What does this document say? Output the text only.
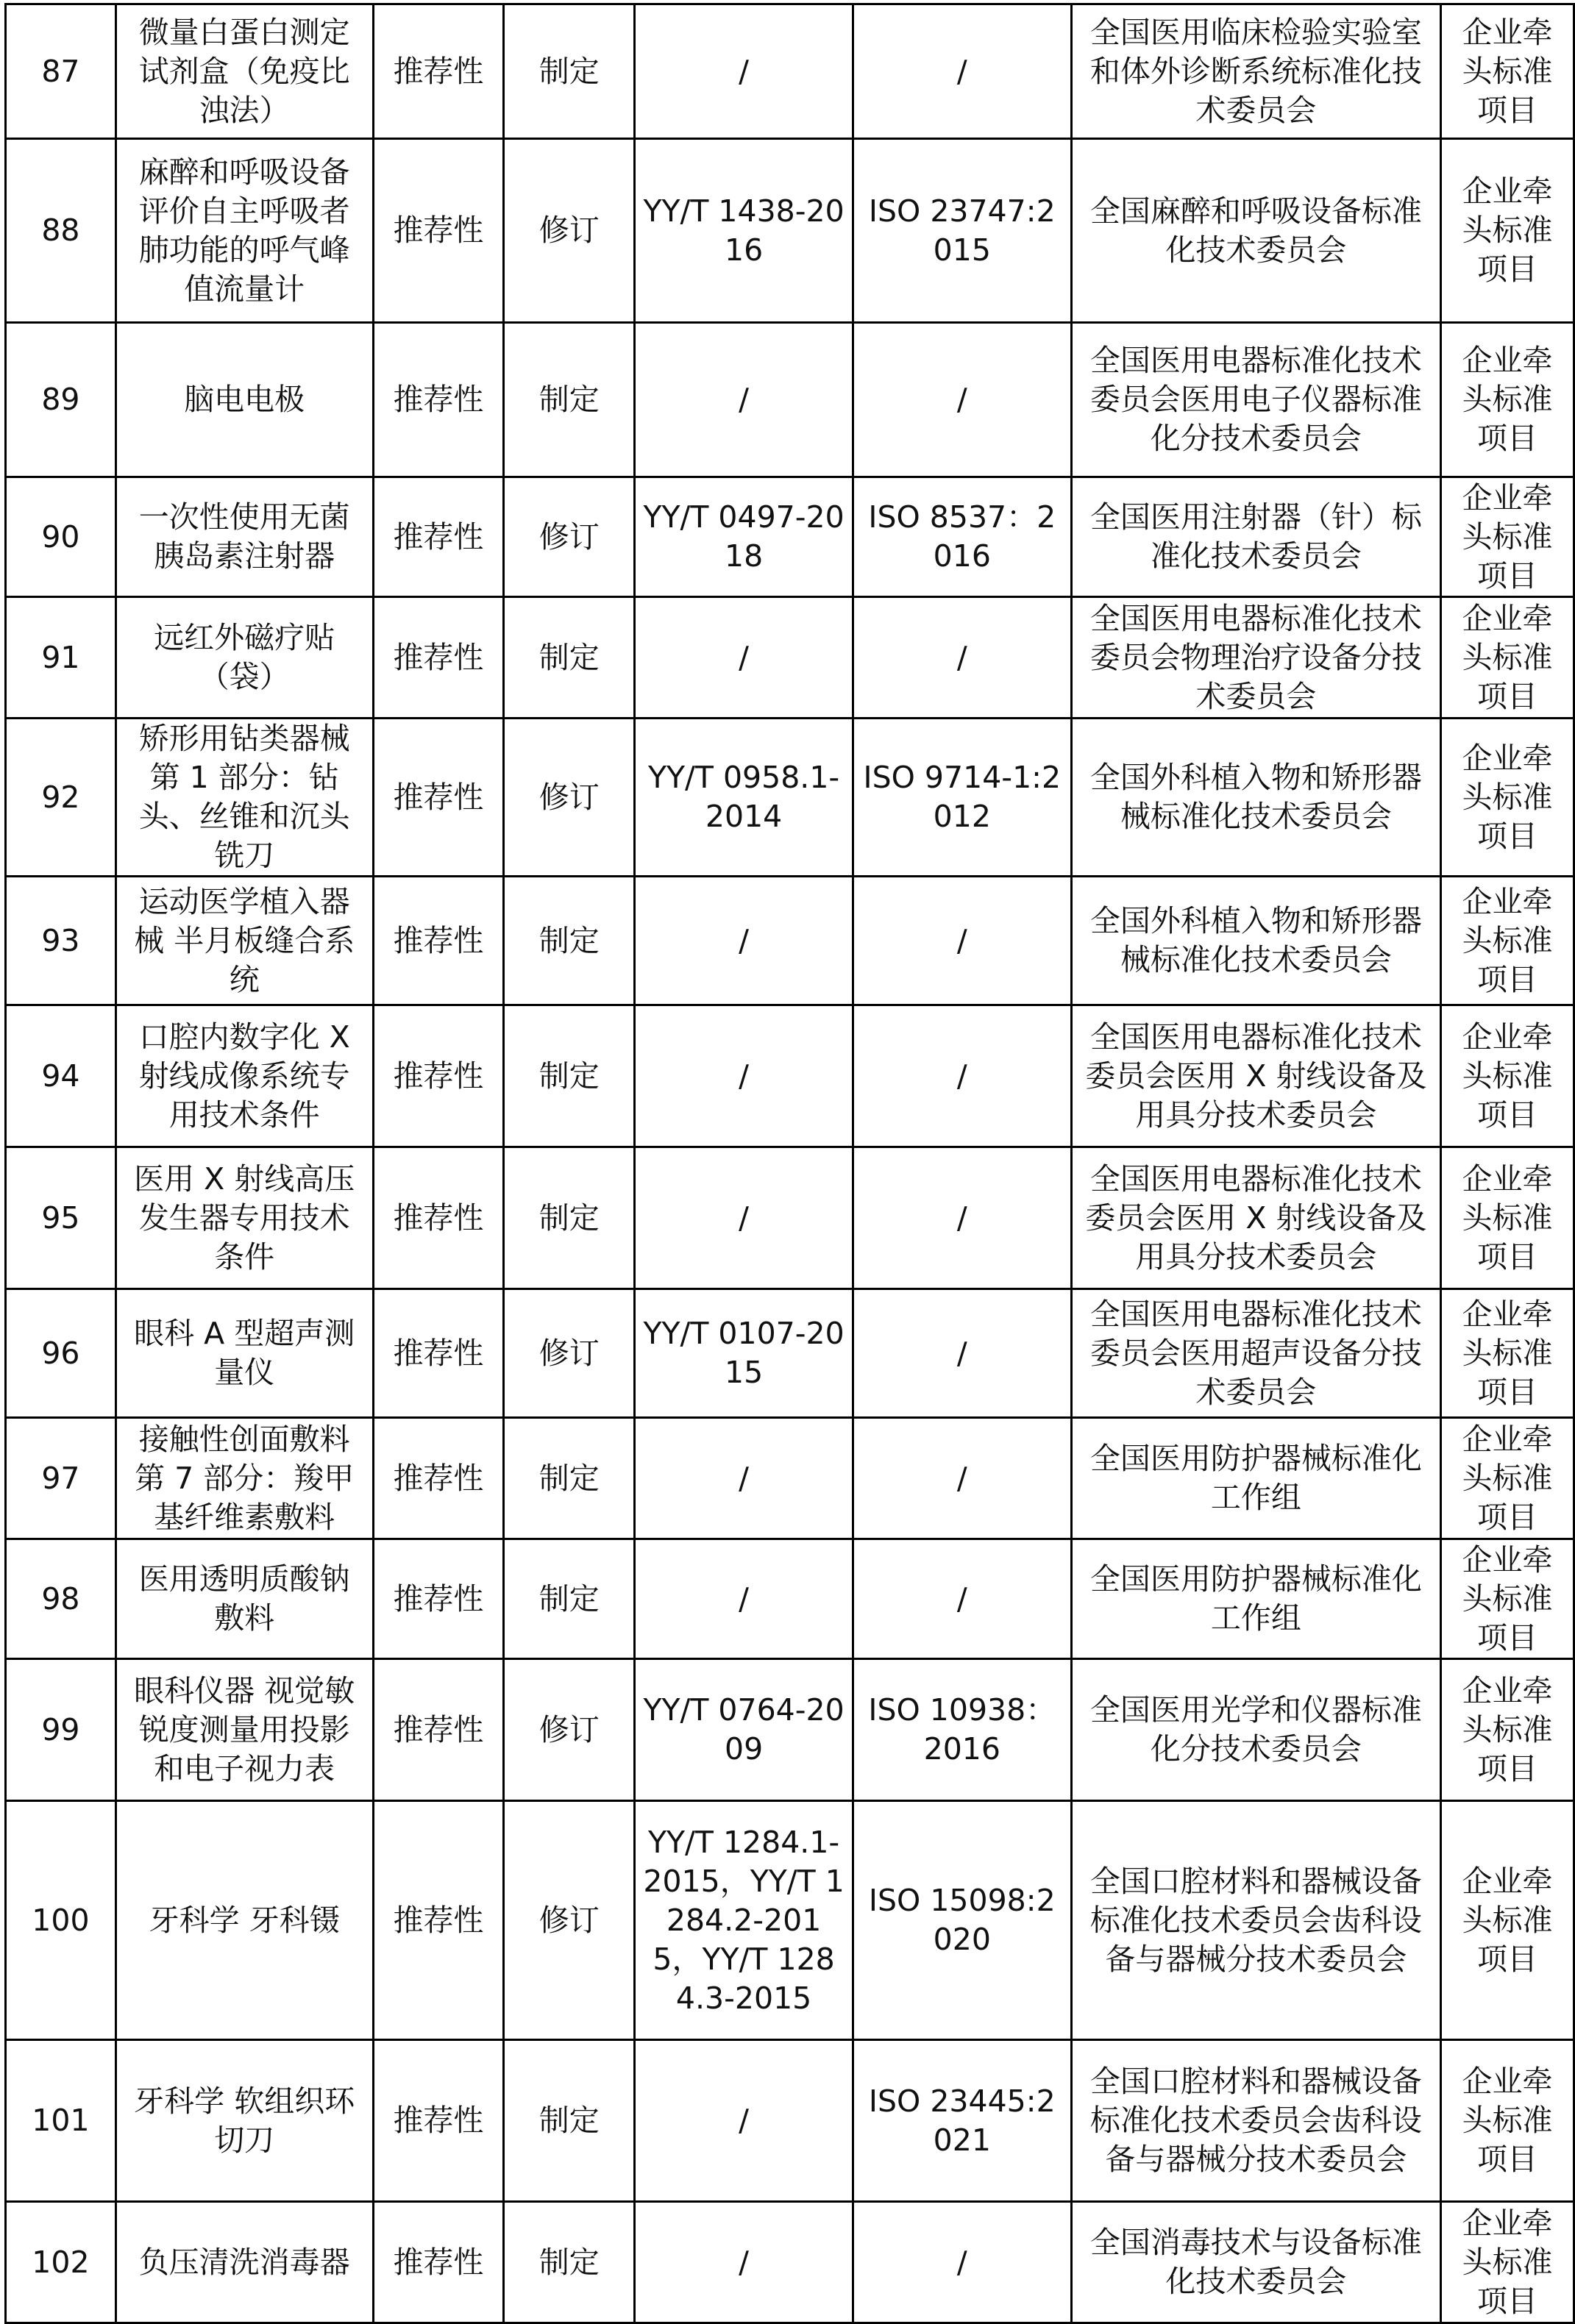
87	微量白蛋白测定试剂盒（免疫比浊法）	推荐性	制定	/	/	全国医用临床检验实验室和体外诊断系统标准化技术委员会	企业牵头标准项目
88	麻醉和呼吸设备评价自主呼吸者肺功能的呼气峰值流量计	推荐性	修订	YY/T 1438-2016	ISO 23747:2015	全国麻醉和呼吸设备标准化技术委员会	企业牵头标准项目
89	脑电电极	推荐性	制定	/	/	全国医用电器标准化技术委员会医用电子仪器标准化分技术委员会	企业牵头标准项目
90	一次性使用无菌胰岛素注射器	推荐性	修订	YY/T 0497-2018	ISO 8537：2016	全国医用注射器（针）标准化技术委员会	企业牵头标准项目
91	远红外磁疗贴（袋）	推荐性	制定	/	/	全国医用电器标准化技术委员会物理治疗设备分技术委员会	企业牵头标准项目
92	矫形用钻类器械 第 1 部分：钻头、丝锥和沉头铣刀	推荐性	修订	YY/T 0958.1-2014	ISO 9714-1:2012	全国外科植入物和矫形器械标准化技术委员会	企业牵头标准项目
93	运动医学植入器械 半月板缝合系统	推荐性	制定	/	/	全国外科植入物和矫形器械标准化技术委员会	企业牵头标准项目
94	口腔内数字化 X 射线成像系统专用技术条件	推荐性	制定	/	/	全国医用电器标准化技术委员会医用 X 射线设备及用具分技术委员会	企业牵头标准项目
95	医用 X 射线高压发生器专用技术条件	推荐性	制定	/	/	全国医用电器标准化技术委员会医用 X 射线设备及用具分技术委员会	企业牵头标准项目
96	眼科 A 型超声测量仪	推荐性	修订	YY/T 0107-2015	/	全国医用电器标准化技术委员会医用超声设备分技术委员会	企业牵头标准项目
97	接触性创面敷料 第 7 部分：羧甲基纤维素敷料	推荐性	制定	/	/	全国医用防护器械标准化工作组	企业牵头标准项目
98	医用透明质酸钠敷料	推荐性	制定	/	/	全国医用防护器械标准化工作组	企业牵头标准项目
99	眼科仪器 视觉敏锐度测量用投影和电子视力表	推荐性	修订	YY/T 0764-2009	ISO 10938：2016	全国医用光学和仪器标准化分技术委员会	企业牵头标准项目
100	牙科学 牙科镊	推荐性	修订	YY/T 1284.1-2015，YY/T 1284.2-2015，YY/T 1284.3-2015	ISO 15098:2020	全国口腔材料和器械设备标准化技术委员会齿科设备与器械分技术委员会	企业牵头标准项目
101	牙科学 软组织环切刀	推荐性	制定	/	ISO 23445:2021	全国口腔材料和器械设备标准化技术委员会齿科设备与器械分技术委员会	企业牵头标准项目
102	负压清洗消毒器	推荐性	制定	/	/	全国消毒技术与设备标准化技术委员会	企业牵头标准项目
